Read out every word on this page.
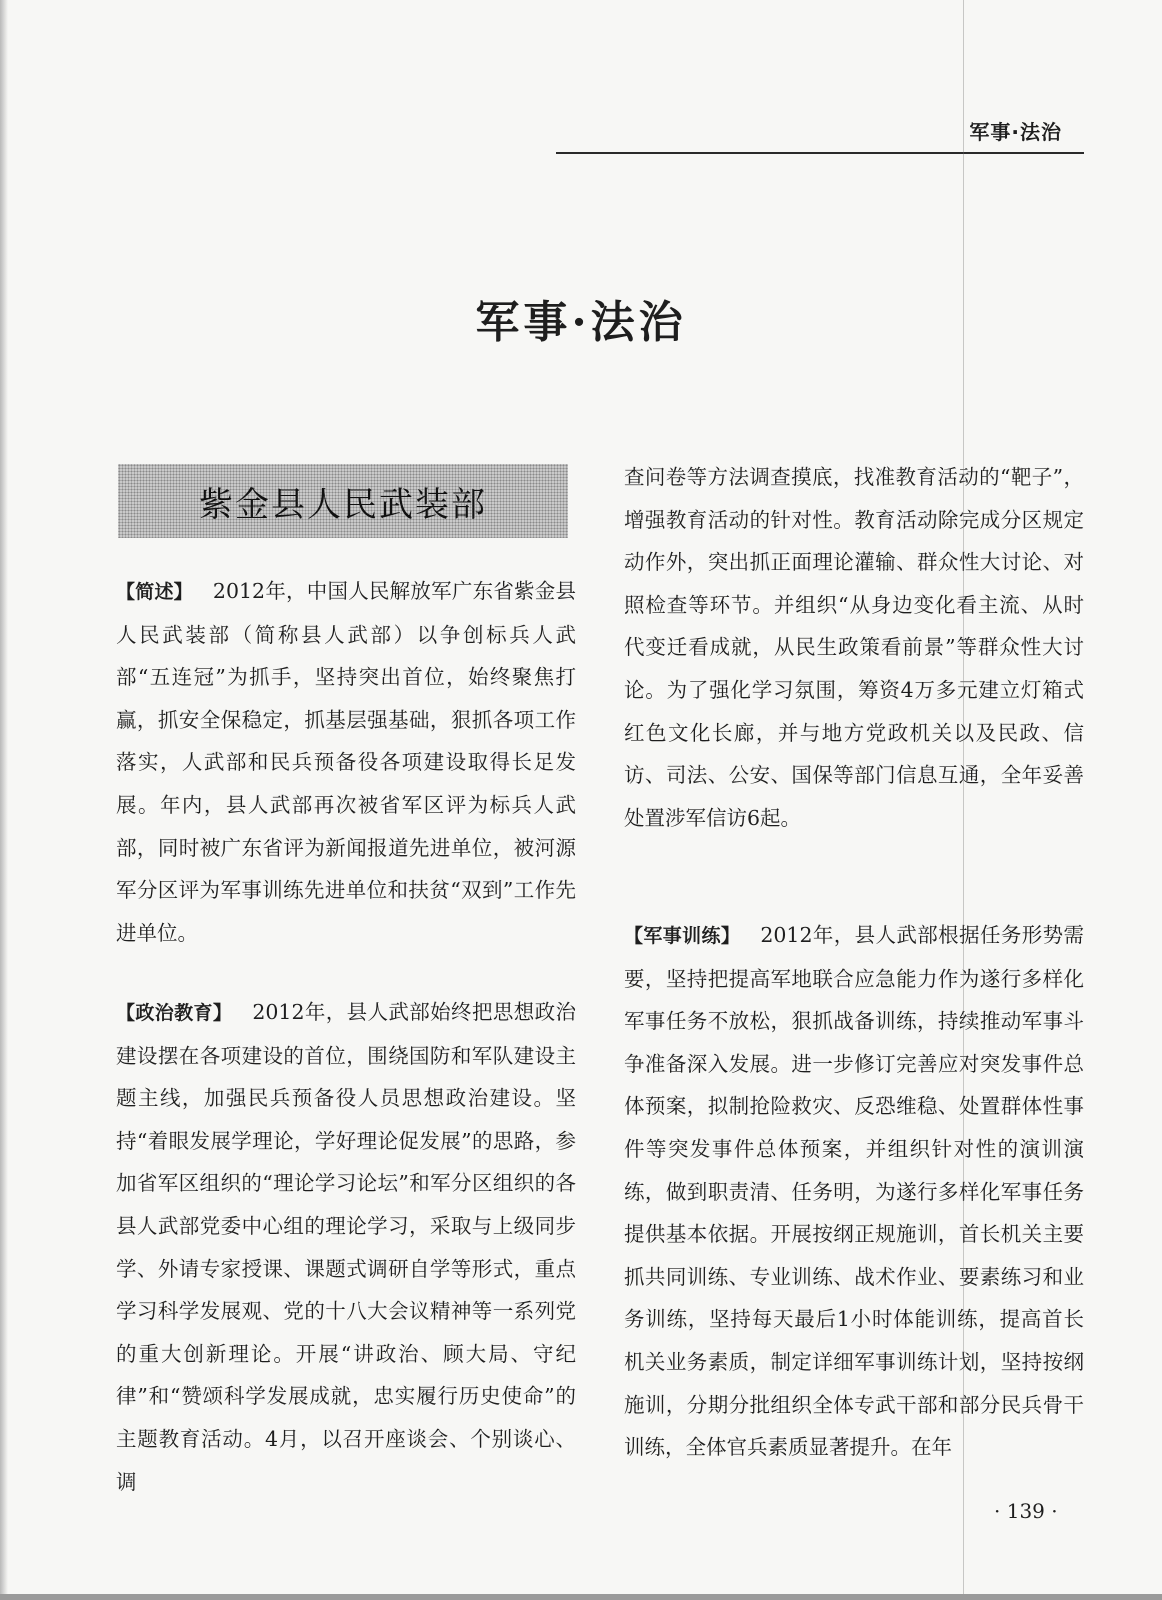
军事·法治
军事·法治
紫金县人民武装部

【简述】 2012年，中国人民解放军广东省紫金县人民武装部（简称县人武部）以争创标兵人武部“五连冠”为抓手，坚持突出首位，始终聚焦打赢，抓安全保稳定，抓基层强基础，狠抓各项工作落实，人武部和民兵预备役各项建设取得长足发展。年内，县人武部再次被省军区评为标兵人武部，同时被广东省评为新闻报道先进单位，被河源军分区评为军事训练先进单位和扶贫“双到”工作先进单位。

【政治教育】 2012年，县人武部始终把思想政治建设摆在各项建设的首位，围绕国防和军队建设主题主线，加强民兵预备役人员思想政治建设。坚持“着眼发展学理论，学好理论促发展”的思路，参加省军区组织的“理论学习论坛”和军分区组织的各县人武部党委中心组的理论学习，采取与上级同步学、外请专家授课、课题式调研自学等形式，重点学习科学发展观、党的十八大会议精神等一系列党的重大创新理论。开展“讲政治、顾大局、守纪律”和“赞颂科学发展成就，忠实履行历史使命”的主题教育活动。4月，以召开座谈会、个别谈心、调

查问卷等方法调查摸底，找准教育活动的“靶子”，增强教育活动的针对性。教育活动除完成分区规定动作外，突出抓正面理论灌输、群众性大讨论、对照检查等环节。并组织“从身边变化看主流、从时代变迁看成就，从民生政策看前景”等群众性大讨论。为了强化学习氛围，筹资4万多元建立灯箱式红色文化长廊，并与地方党政机关以及民政、信访、司法、公安、国保等部门信息互通，全年妥善处置涉军信访6起。

【军事训练】 2012年，县人武部根据任务形势需要，坚持把提高军地联合应急能力作为遂行多样化军事任务不放松，狠抓战备训练，持续推动军事斗争准备深入发展。进一步修订完善应对突发事件总体预案，拟制抢险救灾、反恐维稳、处置群体性事件等突发事件总体预案，并组织针对性的演训演练，做到职责清、任务明，为遂行多样化军事任务提供基本依据。开展按纲正规施训，首长机关主要抓共同训练、专业训练、战术作业、要素练习和业务训练，坚持每天最后1小时体能训练，提高首长机关业务素质，制定详细军事训练计划，坚持按纲施训，分期分批组织全体专武干部和部分民兵骨干训练，全体官兵素质显著提升。在年

· 139 ·
